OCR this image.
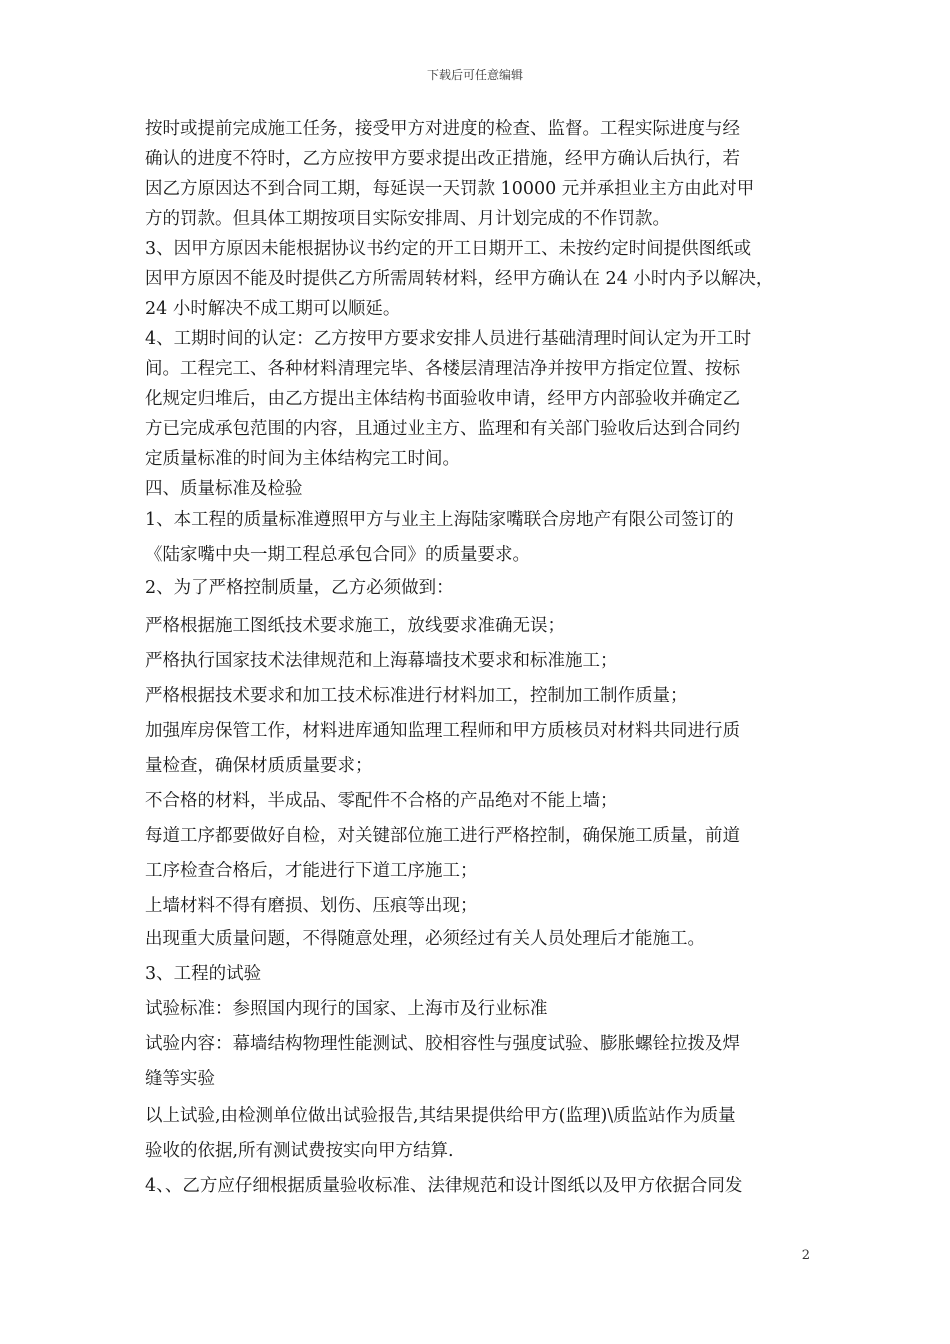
下载后可任意编辑
按时或提前完成施工任务，接受甲方对进度的检查、监督。工程实际进度与经
确认的进度不符时，乙方应按甲方要求提出改正措施，经甲方确认后执行，若
因乙方原因达不到合同工期，每延误一天罚款 10000 元并承担业主方由此对甲
方的罚款。但具体工期按项目实际安排周、月计划完成的不作罚款。
3、因甲方原因未能根据协议书约定的开工日期开工、未按约定时间提供图纸或
因甲方原因不能及时提供乙方所需周转材料，经甲方确认在 24 小时内予以解决，
24 小时解决不成工期可以顺延。
4、工期时间的认定：乙方按甲方要求安排人员进行基础清理时间认定为开工时
间。工程完工、各种材料清理完毕、各楼层清理洁净并按甲方指定位置、按标
化规定归堆后，由乙方提出主体结构书面验收申请，经甲方内部验收并确定乙
方已完成承包范围的内容，且通过业主方、监理和有关部门验收后达到合同约
定质量标准的时间为主体结构完工时间。
四、质量标准及检验
1、本工程的质量标准遵照甲方与业主上海陆家嘴联合房地产有限公司签订的
《陆家嘴中央一期工程总承包合同》的质量要求。
2、为了严格控制质量，乙方必须做到：
严格根据施工图纸技术要求施工，放线要求准确无误；
严格执行国家技术法律规范和上海幕墙技术要求和标准施工；
严格根据技术要求和加工技术标准进行材料加工，控制加工制作质量；
加强库房保管工作，材料进库通知监理工程师和甲方质核员对材料共同进行质
量检查，确保材质质量要求；
不合格的材料，半成品、零配件不合格的产品绝对不能上墙；
每道工序都要做好自检，对关键部位施工进行严格控制，确保施工质量，前道
工序检查合格后，才能进行下道工序施工；
上墙材料不得有磨损、划伤、压痕等出现；
出现重大质量问题，不得随意处理，必须经过有关人员处理后才能施工。
3、工程的试验
试验标准：参照国内现行的国家、上海市及行业标准
试验内容：幕墙结构物理性能测试、胶相容性与强度试验、膨胀螺铨拉拨及焊
缝等实验
以上试验,由检测单位做出试验报告,其结果提供给甲方(监理)\质监站作为质量
验收的依据,所有测试费按实向甲方结算.
4、、乙方应仔细根据质量验收标准、法律规范和设计图纸以及甲方依据合同发
2
